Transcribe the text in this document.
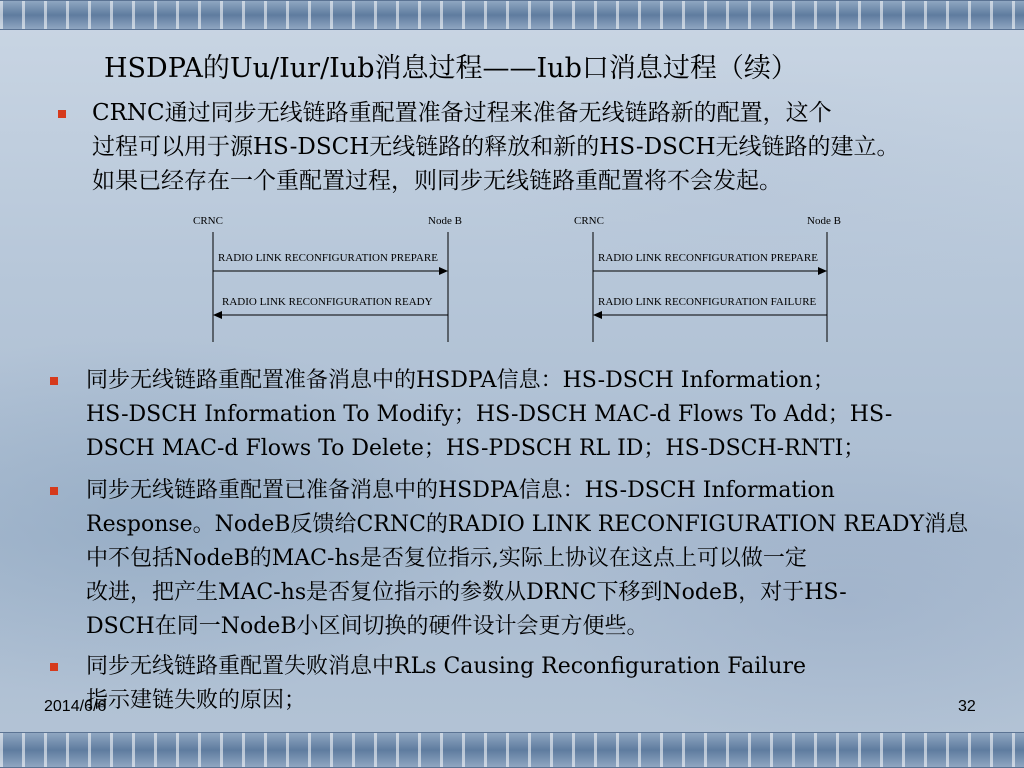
HSDPA的Uu/Iur/Iub消息过程——Iub口消息过程（续）
CRNC通过同步无线链路重配置准备过程来准备无线链路新的配置，这个
过程可以用于源HS-DSCH无线链路的释放和新的HS-DSCH无线链路的建立。
如果已经存在一个重配置过程，则同步无线链路重配置将不会发起。
CRNC	Node B
RADIO LINK RECONFIGURATION PREPARE
RADIO LINK RECONFIGURATION READY
CRNC	Node B
RADIO LINK RECONFIGURATION PREPARE
RADIO LINK RECONFIGURATION FAILURE
同步无线链路重配置准备消息中的HSDPA信息：HS-DSCH Information；
HS-DSCH Information To Modify；HS-DSCH MAC-d Flows To Add；HS-
DSCH MAC-d Flows To Delete；HS-PDSCH RL ID；HS-DSCH-RNTI；
同步无线链路重配置已准备消息中的HSDPA信息：HS-DSCH Information
Response。NodeB反馈给CRNC的RADIO LINK RECONFIGURATION READY消息
中不包括NodeB的MAC-hs是否复位指示,实际上协议在这点上可以做一定
改进，把产生MAC-hs是否复位指示的参数从DRNC下移到NodeB，对于HS-
DSCH在同一NodeB小区间切换的硬件设计会更方便些。
同步无线链路重配置失败消息中RLs Causing Reconfiguration Failure
指示建链失败的原因；
2014/6/6	32
